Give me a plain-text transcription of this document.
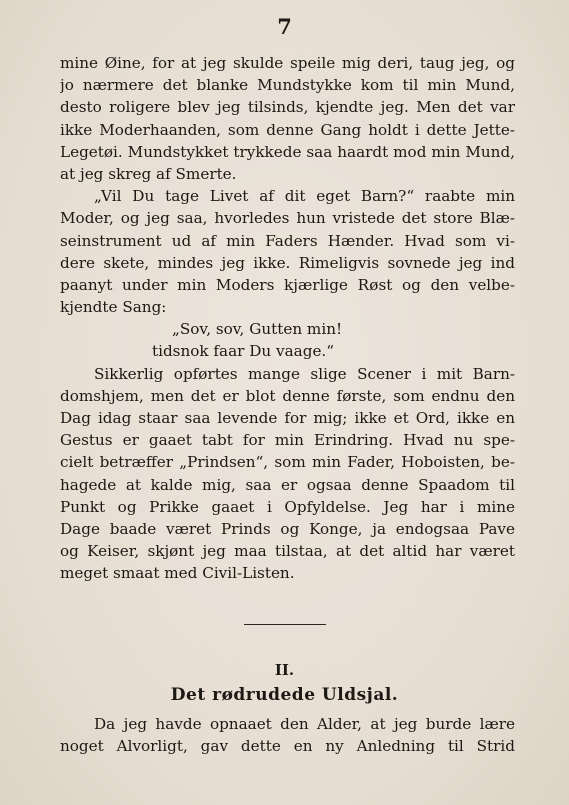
7
mine Øine, for at jeg skulde speile mig deri, taug jeg, og
jo nærmere det blanke Mundstykke kom til min Mund,
desto roligere blev jeg tilsinds, kjendte jeg. Men det var
ikke Moderhaanden, som denne Gang holdt i dette Jette-
Legetøi. Mundstykket trykkede saa haardt mod min Mund,
at jeg skreg af Smerte.
„Vil Du tage Livet af dit eget Barn?“ raabte min
Moder, og jeg saa, hvorledes hun vristede det store Blæ-
seinstrument ud af min Faders Hænder. Hvad som vi-
dere skete, mindes jeg ikke. Rimeligvis sovnede jeg ind
paanyt under min Moders kjærlige Røst og den velbe-
kjendte Sang:
„Sov, sov, Gutten min!
tidsnok faar Du vaage.“
Sikkerlig opførtes mange slige Scener i mit Barn-
domshjem, men det er blot denne første, som endnu den
Dag idag staar saa levende for mig; ikke et Ord, ikke en
Gestus er gaaet tabt for min Erindring. Hvad nu spe-
cielt betræffer „Prindsen“, som min Fader, Hoboisten, be-
hagede at kalde mig, saa er ogsaa denne Spaadom til
Punkt og Prikke gaaet i Opfyldelse. Jeg har i mine
Dage baade været Prinds og Konge, ja endogsaa Pave
og Keiser, skjønt jeg maa tilstaa, at det altid har været
meget smaat med Civil-Listen.
II.
Det rødrudede Uldsjal.
Da jeg havde opnaaet den Alder, at jeg burde lære
noget Alvorligt, gav dette en ny Anledning til Strid
